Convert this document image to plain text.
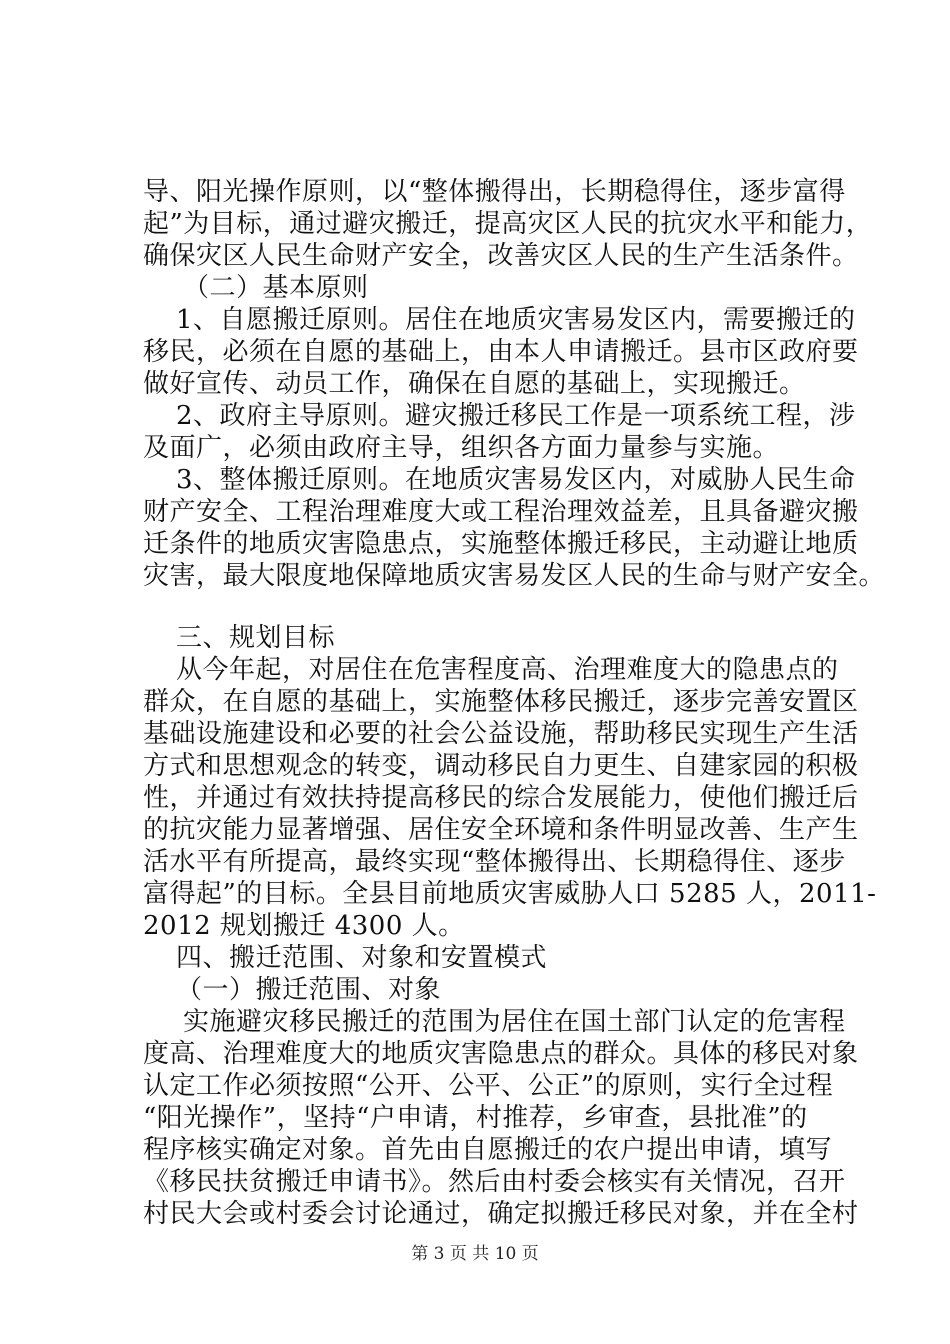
导、阳光操作原则，以“整体搬得出，长期稳得住，逐步富得
起”为目标，通过避灾搬迁，提高灾区人民的抗灾水平和能力，
确保灾区人民生命财产安全，改善灾区人民的生产生活条件。
（二）基本原则
1、自愿搬迁原则。居住在地质灾害易发区内，需要搬迁的
移民，必须在自愿的基础上，由本人申请搬迁。县市区政府要
做好宣传、动员工作，确保在自愿的基础上，实现搬迁。
2、政府主导原则。避灾搬迁移民工作是一项系统工程，涉
及面广，必须由政府主导，组织各方面力量参与实施。
3、整体搬迁原则。在地质灾害易发区内，对威胁人民生命
财产安全、工程治理难度大或工程治理效益差，且具备避灾搬
迁条件的地质灾害隐患点，实施整体搬迁移民，主动避让地质
灾害，最大限度地保障地质灾害易发区人民的生命与财产安全。
三、规划目标
从今年起，对居住在危害程度高、治理难度大的隐患点的
群众，在自愿的基础上，实施整体移民搬迁，逐步完善安置区
基础设施建设和必要的社会公益设施，帮助移民实现生产生活
方式和思想观念的转变，调动移民自力更生、自建家园的积极
性，并通过有效扶持提高移民的综合发展能力，使他们搬迁后
的抗灾能力显著增强、居住安全环境和条件明显改善、生产生
活水平有所提高，最终实现“整体搬得出、长期稳得住、逐步
富得起”的目标。全县目前地质灾害威胁人口 5285 人，2011-
2012 规划搬迁 4300 人。
四、搬迁范围、对象和安置模式
（一）搬迁范围、对象
实施避灾移民搬迁的范围为居住在国土部门认定的危害程
度高、治理难度大的地质灾害隐患点的群众。具体的移民对象
认定工作必须按照“公开、公平、公正”的原则，实行全过程
“阳光操作”，坚持“户申请，村推荐，乡审查，县批准”的
程序核实确定对象。首先由自愿搬迁的农户提出申请，填写
《移民扶贫搬迁申请书》。然后由村委会核实有关情况，召开
村民大会或村委会讨论通过，确定拟搬迁移民对象，并在全村
第 3 页 共 10 页
